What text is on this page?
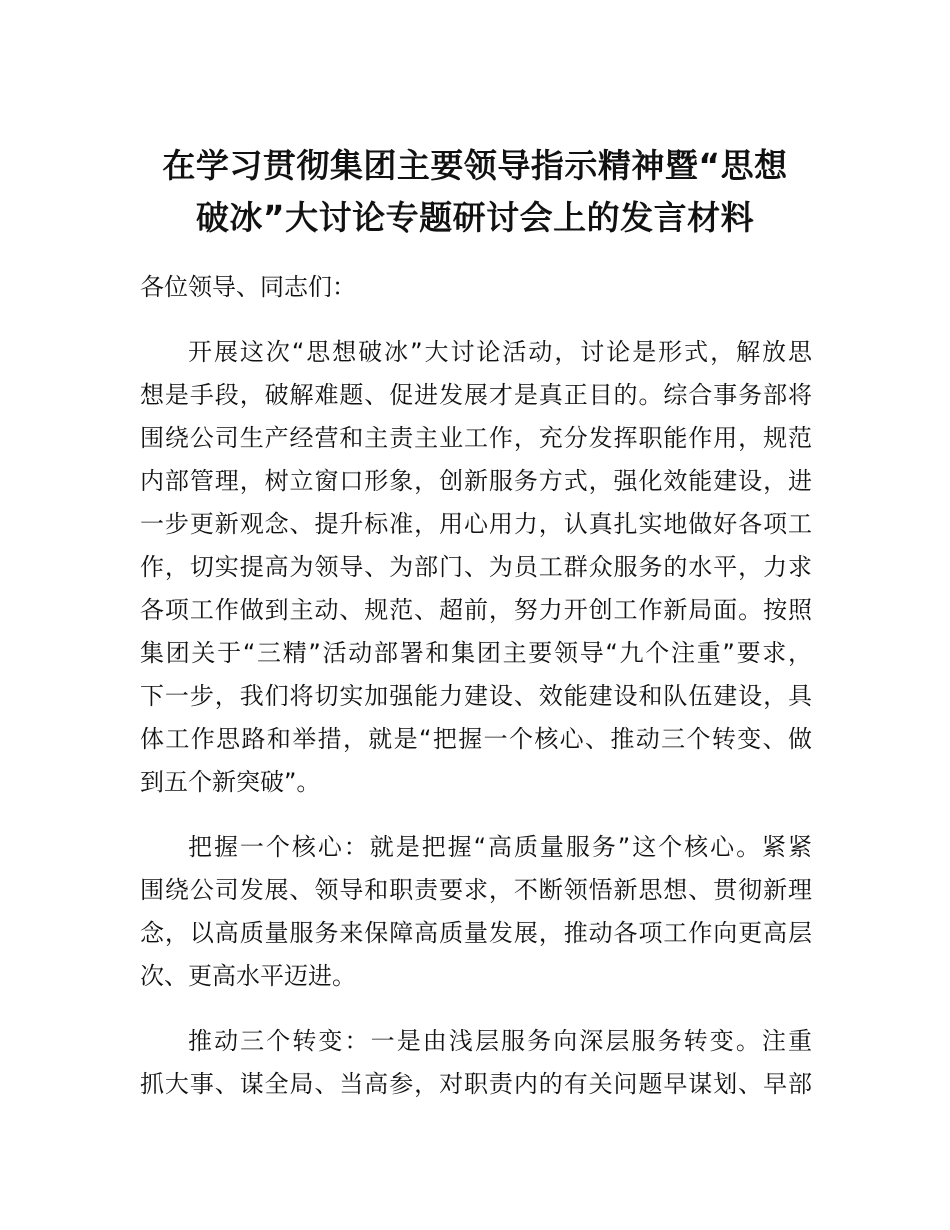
在学习贯彻集团主要领导指示精神暨“思想
破冰”大讨论专题研讨会上的发言材料

各位领导、同志们：

开展这次“思想破冰”大讨论活动，讨论是形式，解放思
想是手段，破解难题、促进发展才是真正目的。综合事务部将
围绕公司生产经营和主责主业工作，充分发挥职能作用，规范
内部管理，树立窗口形象，创新服务方式，强化效能建设，进
一步更新观念、提升标准，用心用力，认真扎实地做好各项工
作，切实提高为领导、为部门、为员工群众服务的水平，力求
各项工作做到主动、规范、超前，努力开创工作新局面。按照
集团关于“三精”活动部署和集团主要领导“九个注重”要求，
下一步，我们将切实加强能力建设、效能建设和队伍建设，具
体工作思路和举措，就是“把握一个核心、推动三个转变、做
到五个新突破”。

把握一个核心：就是把握“高质量服务”这个核心。紧紧
围绕公司发展、领导和职责要求，不断领悟新思想、贯彻新理
念，以高质量服务来保障高质量发展，推动各项工作向更高层
次、更高水平迈进。

推动三个转变：一是由浅层服务向深层服务转变。注重
抓大事、谋全局、当高参，对职责内的有关问题早谋划、早部
